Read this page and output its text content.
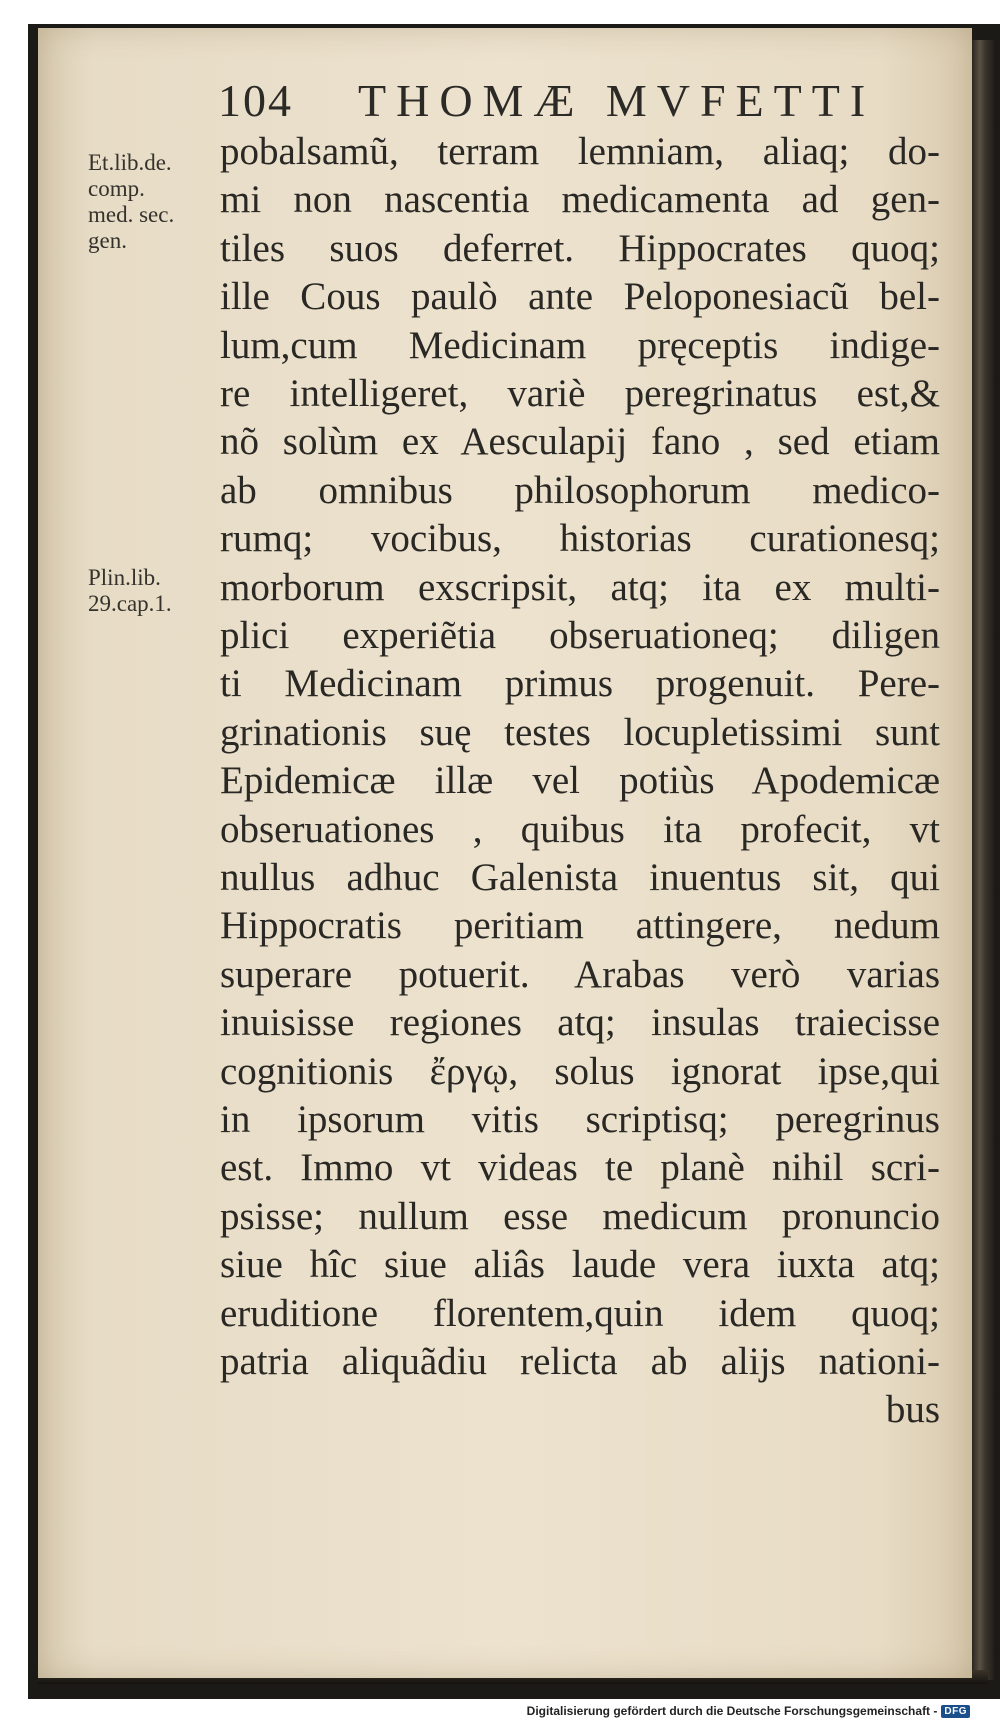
104 THOMÆ MVFETTI
Et.lib.de.
comp.
med. sec.
gen.
Plin.lib.
29.cap.1.
pobalsamũ, terram lemniam, aliaq; do-
mi non nascentia medicamenta ad gen-
tiles suos deferret. Hippocrates quoq;
ille Cous paulò ante Peloponesiacũ bel-
lum,cum Medicinam pręceptis indige-
re intelligeret, variè peregrinatus est,&
nõ solùm ex Aesculapij fano , sed etiam
ab omnibus philosophorum medico-
rumq; vocibus, historias curationesq;
morborum exscripsit, atq; ita ex multi-
plici experiẽtia obseruationeq; diligen
ti Medicinam primus progenuit. Pere-
grinationis suę testes locupletissimi sunt
Epidemicæ illæ vel potiùs Apodemicæ
obseruationes , quibus ita profecit, vt
nullus adhuc Galenista inuentus sit, qui
Hippocratis peritiam attingere, nedum
superare potuerit. Arabas verò varias
inuisisse regiones atq; insulas traiecisse
cognitionis ἔργῳ, solus ignorat ipse,qui
in ipsorum vitis scriptisq; peregrinus
est. Immo vt videas te planè nihil scri-
psisse; nullum esse medicum pronuncio
siue hîc siue aliâs laude vera iuxta atq;
eruditione florentem,quin idem quoq;
patria aliquãdiu relicta ab alijs nationi-
bus
Digitalisierung gefördert durch die Deutsche Forschungsgemeinschaft - DFG
